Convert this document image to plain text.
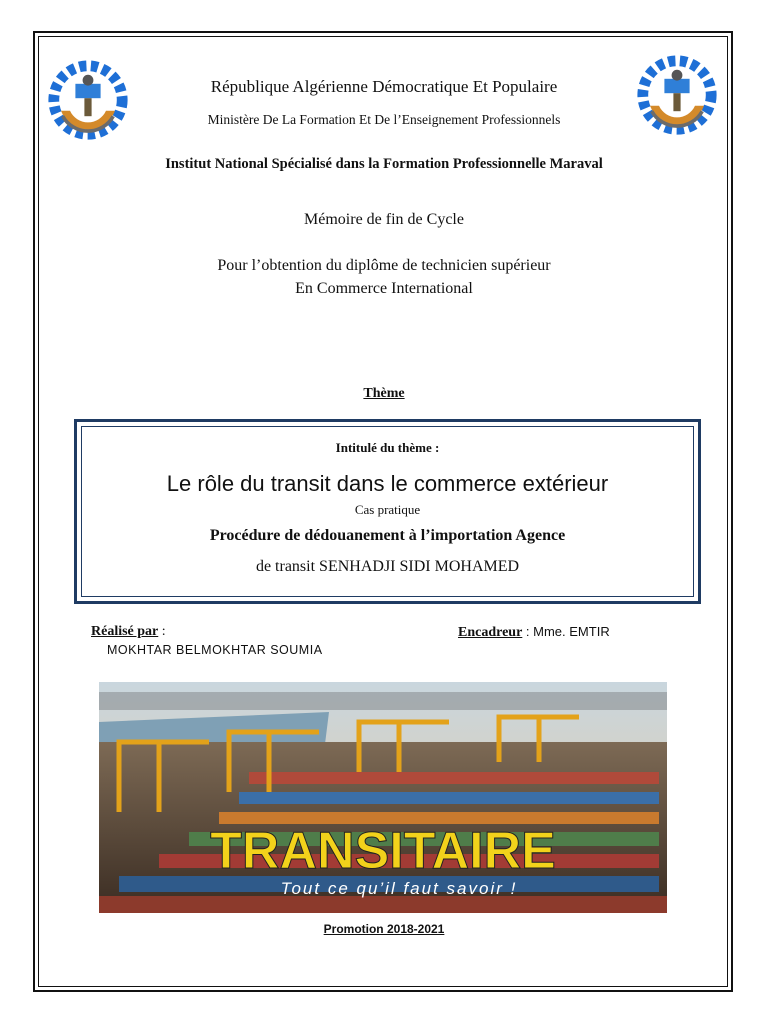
République Algérienne Démocratique Et Populaire
Ministère De La Formation Et De l’Enseignement Professionnels
Institut National Spécialisé dans la Formation Professionnelle Maraval
Mémoire de fin de Cycle
Pour l’obtention du diplôme de technicien supérieur
En Commerce International
Thème
Intitulé du thème :
Le rôle du transit dans le commerce extérieur
Cas pratique
Procédure de dédouanement à l’importation Agence
de transit SENHADJI SIDI MOHAMED
Réalisé par :
MOKHTAR BELMOKHTAR SOUMIA
Encadreur : Mme. EMTIR
TRANSITAIRE
Tout ce qu’il faut savoir !
Promotion 2018-2021
